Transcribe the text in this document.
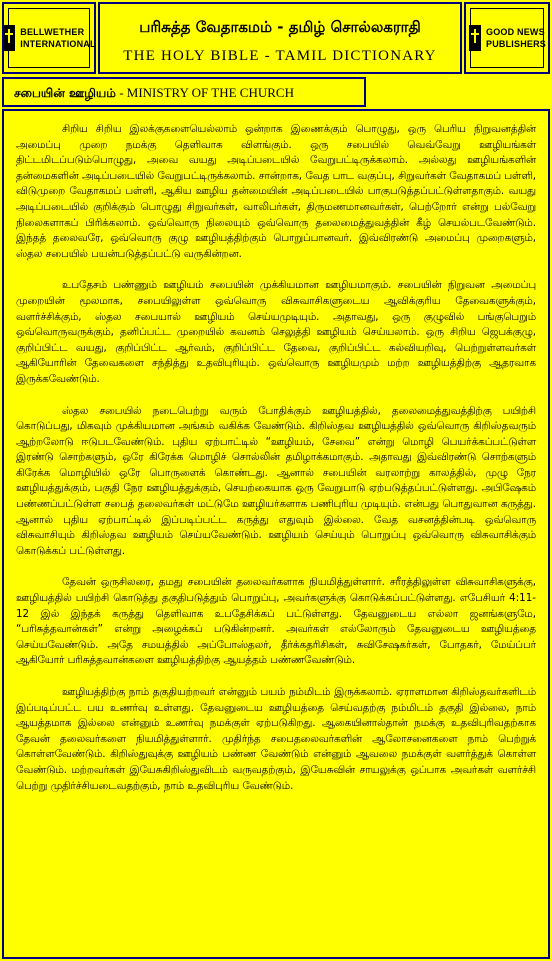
BELLWETHER
INTERNATIONAL
பரிசுத்த வேதாகமம் - தமிழ் சொல்லகராதி
THE HOLY BIBLE - TAMIL DICTIONARY
GOOD NEWS
PUBLISHERS
சபையின் ஊழியம் - MINISTRY OF THE CHURCH

சிறிய சிறிய இலக்குகளையெல்லாம் ஒன்றாக இணைக்கும் பொழுது, ஒரு பெரிய நிறுவனத்தின் அமைப்பு முறை நமக்கு தெளிவாக விளங்கும். ஒரு சபையில் வெவ்வேறு ஊழியங்கள் திட்டமிடப்படும்பொழுது, அவை வயது அடிப்படையில் வேறுபட்டிருக்கலாம். அல்லது ஊழியங்களின் தன்மைகளின் அடிப்படையில் வேறுபட்டிருக்கலாம். சான்றாக, வேத பாட வகுப்பு, சிறுவர்கள் வேதாகமப் பள்ளி, விடுமுறை வேதாகமப் பள்ளி, ஆகிய ஊழிய தன்மையின் அடிப்படையில் பாகுபடுத்தப்பட்டுள்ளதாகும். வயது அடிப்படையில் குறிக்கும் பொழுது சிறுவர்கள், வாலிபர்கள், திருமணமானவர்கள், பெற்றோர் என்று பல்வேறு நிலைகளாகப் பிரிக்கலாம். ஒவ்வொரு நிலையும் ஒவ்வொரு தலைமைத்துவத்தின் கீழ் செயல்படவேண்டும். இந்தத் தலைவரே, ஒவ்வொரு குழு ஊழியத்திற்கும் பொறுப்பானவர். இவ்விரண்டு அமைப்பு முறைகளும், ஸ்தல சபையில் பயன்படுத்தப்பட்டு வருகின்றன.

உபதேசம் பண்ணும் ஊழியம் சபையின் முக்கியமான ஊழியமாகும். சபையின் நிறுவன அமைப்பு முறையின் மூலமாக, சபையிலுள்ள ஒவ்வொரு விசுவாசிகளுடைய ஆவிக்குரிய தேவைகளுக்கும், வளர்ச்சிக்கும், ஸ்தல சபையால் ஊழியம் செய்யமுடியும். அதாவது, ஒரு குழுவில் பங்குபெறும் ஒவ்வொருவருக்கும், தனிப்பட்ட முறையில் கவனம் செலுத்தி ஊழியம் செய்யலாம். ஒரு சிறிய ஜெபக்குழு, குறிப்பிட்ட வயது, குறிப்பிட்ட ஆர்வம், குறிப்பிட்ட தேவை, குறிப்பிட்ட கல்வியறிவு, பெற்றுள்ளவர்கள் ஆகியோரின் தேவைகளை சந்தித்து உதவிபுரியும். ஒவ்வொரு ஊழியமும் மற்ற ஊழியத்திற்கு ஆதரவாக இருக்கவேண்டும்.

ஸ்தல சபையில் நடைபெற்று வரும் போதிக்கும் ஊழியத்தில், தலைமைத்துவத்திற்கு பயிற்சி கொடுப்பது, மிகவும் முக்கியமான அங்கம் வகிக்க வேண்டும். கிறிஸ்தவ ஊழியத்தில் ஒவ்வொரு கிறிஸ்தவரும் ஆற்றலோடு ஈடுபடவேண்டும். புதிய ஏற்பாட்டில் “ஊழியம், சேவை” என்று மொழி பெயர்க்கப்பட்டுள்ள இரண்டு சொற்களும், ஒரே கிரேக்க மொழிச் சொல்லின் தமிழாக்கமாகும். அதாவது இவ்விரண்டு சொற்களும் கிரேக்க மொழியில் ஒரே பொருளைக் கொண்டது. ஆனால் சபையின் வரலாற்று காலத்தில், முழு நேர ஊழியத்துக்கும், பகுதி நேர ஊழியத்துக்கும், செயற்கையாக ஒரு வேறுபாடு ஏற்படுத்தப்பட்டுள்ளது. அபிஷேகம் பண்ணப்பட்டுள்ள சபைத் தலைவர்கள் மட்டுமே ஊழியர்களாக பணிபுரிய முடியும். என்பது பொதுவான கருத்து. ஆனால் புதிய ஏற்பாட்டில் இப்படிப்பட்ட கருத்து எதுவும் இல்லை. வேத வசனத்தின்படி ஒவ்வொரு விசுவாசியும் கிறிஸ்தவ ஊழியம் செய்யவேண்டும். ஊழியம் செய்யும் பொறுப்பு ஒவ்வொரு விசுவாசிக்கும் கொடுக்கப் பட்டுள்ளது.

தேவன் ஒருசிலரை, தமது சபையின் தலைவர்களாக நியமித்துள்ளார். சரீரத்திலுள்ள விசுவாசிகளுக்கு, ஊழியத்தில் பயிற்சி கொடுத்து தகுதிபடுத்தும் பொறுப்பு, அவர்களுக்கு கொடுக்கப்பட்டுள்ளது. எபேசியர் 4:11-12 இல் இந்தக் கருத்து தெளிவாக உபதேசிக்கப் பட்டுள்ளது. தேவனுடைய எல்லா ஜனங்களுமே, “பரிசுத்தவான்கள்” என்று அழைக்கப் படுகின்றனர். அவர்கள் எல்லோரும் தேவனுடைய ஊழியத்தை செய்யவேண்டும். அதே சமயத்தில் அப்போஸ்தலர், தீர்க்கதரிசிகள், சுவிசேஷகர்கள், போதகர், மேய்ப்பர் ஆகியோர் பரிசுத்தவான்களை ஊழியத்திற்கு ஆயத்தம் பண்ணவேண்டும்.

ஊழியத்திற்கு நாம் தகுதியற்றவர் என்னும் பயம் நம்மிடம் இருக்கலாம். ஏராளமான கிறிஸ்தவர்களிடம் இப்படிப்பட்ட பய உணர்வு உள்ளது. தேவனுடைய ஊழியத்தை செய்வதற்கு நம்மிடம் தகுதி இல்லை, நாம் ஆயத்தமாக இல்லை என்னும் உணர்வு நமக்குள் ஏற்படுகிறது. ஆகையினால்தான் நமக்கு உதவிபுரிவதற்காக தேவன் தலைவர்களை நியமித்துள்ளார். முதிர்ந்த சபைதலைவர்களின் ஆலோசனைகளை நாம் பெற்றுக் கொள்ளவேண்டும். கிறிஸ்துவுக்கு ஊழியம் பண்ண வேண்டும் என்னும் ஆவலை நமக்குள் வளர்த்துக் கொள்ள வேண்டும். மற்றவர்கள் இயேசுகிறிஸ்துவிடம் வருவதற்கும், இயேசுவின் சாயலுக்கு ஒப்பாக அவர்கள் வளர்ச்சி பெற்று முதிர்ச்சியடைவதற்கும், நாம் உதவிபுரிய வேண்டும்.
